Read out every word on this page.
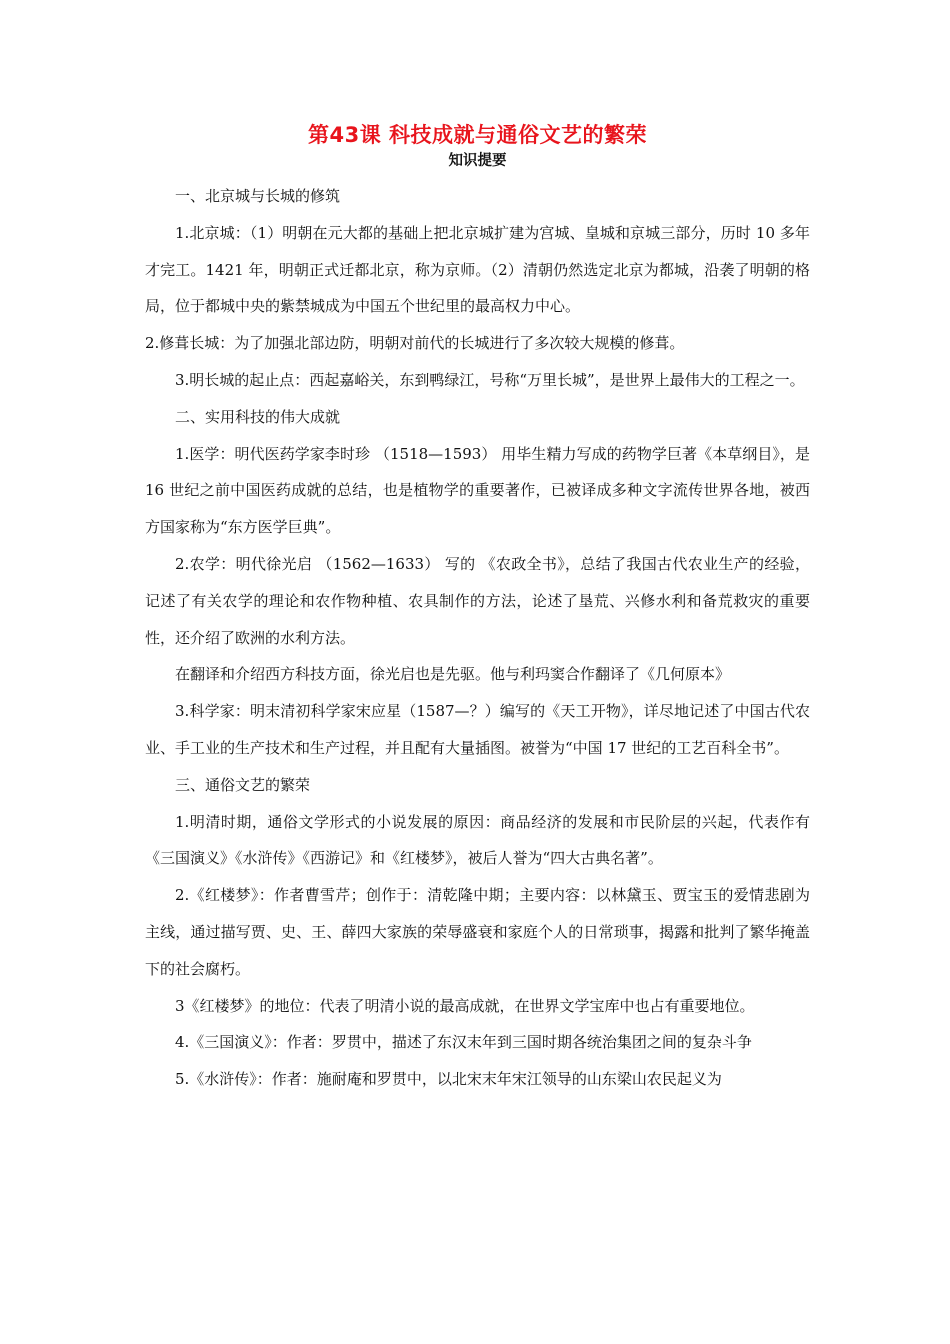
第43课 科技成就与通俗文艺的繁荣
知识提要

一、北京城与长城的修筑

1.北京城：（1）明朝在元大都的基础上把北京城扩建为宫城、皇城和京城三部分，历时 10 多年才完工。1421 年，明朝正式迁都北京，称为京师。（2）清朝仍然选定北京为都城，沿袭了明朝的格局，位于都城中央的紫禁城成为中国五个世纪里的最高权力中心。

2.修葺长城：为了加强北部边防，明朝对前代的长城进行了多次较大规模的修葺。

3.明长城的起止点：西起嘉峪关，东到鸭绿江，号称“万里长城”，是世界上最伟大的工程之一。

二、实用科技的伟大成就

1.医学：明代医药学家李时珍 （1518—1593） 用毕生精力写成的药物学巨著《本草纲目》，是16 世纪之前中国医药成就的总结，也是植物学的重要著作，已被译成多种文字流传世界各地，被西方国家称为“东方医学巨典”。

2.农学：明代徐光启 （1562—1633） 写的 《农政全书》，总结了我国古代农业生产的经验，记述了有关农学的理论和农作物种植、农具制作的方法，论述了垦荒、兴修水利和备荒救灾的重要性，还介绍了欧洲的水利方法。

在翻译和介绍西方科技方面，徐光启也是先驱。他与利玛窦合作翻译了《几何原本》

3.科学家：明末清初科学家宋应星（1587—？）编写的《天工开物》，详尽地记述了中国古代农业、手工业的生产技术和生产过程，并且配有大量插图。被誉为“中国 17 世纪的工艺百科全书”。

三、通俗文艺的繁荣

1.明清时期，通俗文学形式的小说发展的原因：商品经济的发展和市民阶层的兴起，代表作有《三国演义》《水浒传》《西游记》和《红楼梦》，被后人誉为“四大古典名著”。

2.《红楼梦》：作者曹雪芹；创作于：清乾隆中期；主要内容：以林黛玉、贾宝玉的爱情悲剧为主线，通过描写贾、史、王、薛四大家族的荣辱盛衰和家庭个人的日常琐事，揭露和批判了繁华掩盖下的社会腐朽。

3《红楼梦》的地位：代表了明清小说的最高成就，在世界文学宝库中也占有重要地位。

4.《三国演义》：作者：罗贯中，描述了东汉末年到三国时期各统治集团之间的复杂斗争

5.《水浒传》：作者：施耐庵和罗贯中，以北宋末年宋江领导的山东梁山农民起义为
